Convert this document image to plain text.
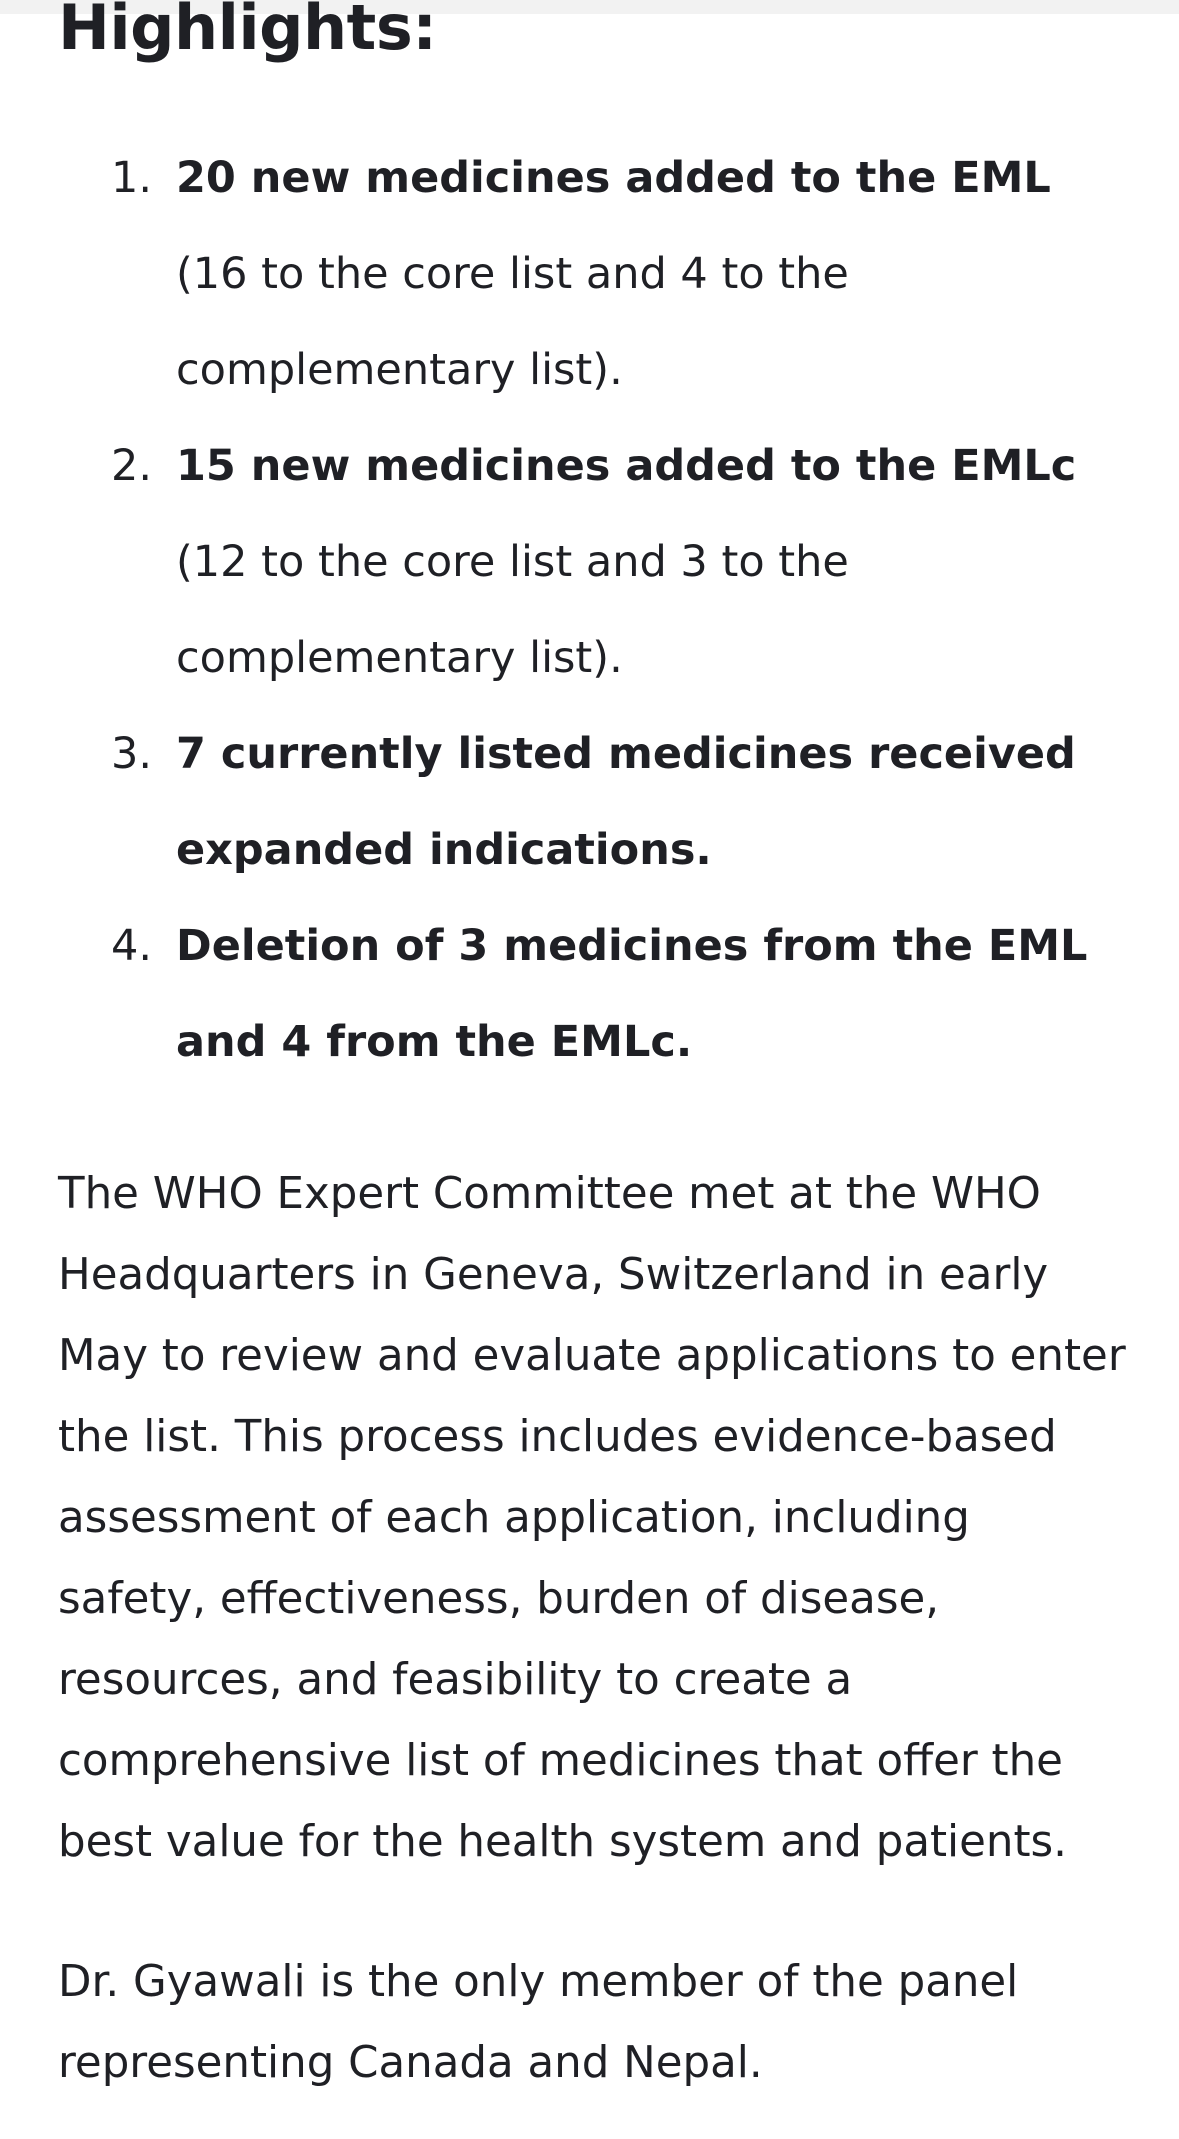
Highlights:
1. 20 new medicines added to the EML (16 to the core list and 4 to the complementary list).
2. 15 new medicines added to the EMLc (12 to the core list and 3 to the complementary list).
3. 7 currently listed medicines received expanded indications.
4. Deletion of 3 medicines from the EML and 4 from the EMLc.

The WHO Expert Committee met at the WHO Headquarters in Geneva, Switzerland in early May to review and evaluate applications to enter the list. This process includes evidence-based assessment of each application, including safety, effectiveness, burden of disease, resources, and feasibility to create a comprehensive list of medicines that offer the best value for the health system and patients.

Dr. Gyawali is the only member of the panel representing Canada and Nepal.
